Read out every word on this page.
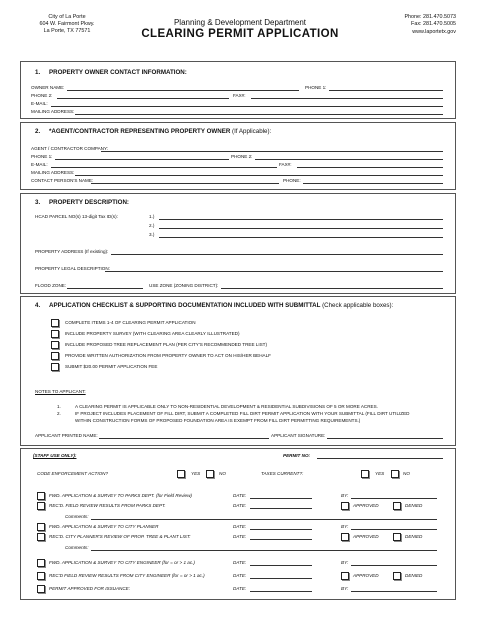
City of La Porte
604 W. Fairmont Pkwy.
La Porte, TX 77571
Planning & Development Department
CLEARING PERMIT APPLICATION
Phone: 281.470.5073
Fax: 281.470.5005
www.laportetx.gov
1. PROPERTY OWNER CONTACT INFORMATION:
OWNER NAME:	PHONE 1:
PHONE 2:	FAX#:
E-MAIL:
MAILING ADDRESS:
2. *AGENT/CONTRACTOR REPRESENTING PROPERTY OWNER (If Applicable):
AGENT / CONTRACTOR COMPANY:
PHONE 1:	PHONE 2:
E-MAIL:	FAX#:
MAILING ADDRESS:
CONTACT PERSON'S NAME:	PHONE:
3. PROPERTY DESCRIPTION:
HCAD PARCEL NO(s) 13-digit Tax ID(s):	1.)
2.)
3.)
PROPERTY ADDRESS (If existing):
PROPERTY LEGAL DESCRIPTION:
FLOOD ZONE:	USE ZONE (ZONING DISTRICT):
4. APPLICATION CHECKLIST & SUPPORTING DOCUMENTATION INCLUDED WITH SUBMITTAL (Check applicable boxes):
COMPLETE ITEMS 1-4 OF CLEARING PERMIT APPLICATION
INCLUDE PROPERTY SURVEY (WITH CLEARING AREA CLEARLY ILLUSTRATED)
INCLUDE PROPOSED TREE REPLACEMENT PLAN (PER CITY'S RECOMMENDED TREE LIST)
PROVIDE WRITTEN AUTHORIZATION FROM PROPERTY OWNER TO ACT ON HIS/HER BEHALF
SUBMIT $20.00 PERMIT APPLICATION FEE
NOTES TO APPLICANT:
1.	A CLEARING PERMIT IS APPLICABLE ONLY TO NON-RESIDENTIAL DEVELOPMENT & RESIDENTIAL SUBDIVISIONS OF 5 OR MORE ACRES.
2.	IF PROJECT INCLUDES PLACEMENT OF FILL DIRT, SUBMIT A COMPLETED FILL DIRT PERMIT APPLICATION WITH YOUR SUBMITTAL (FILL DIRT UTILIZED
WITHIN CONSTRUCTION FORMS OF PROPOSED FOUNDATION AREA IS EXEMPT FROM FILL DIRT PERMITTING REQUIREMENTS.)
APPLICANT PRINTED NAME:	APPLICANT SIGNATURE:
(STAFF USE ONLY):	PERMIT NO:
CODE ENFORCEMENT ACTION?	YES	NO	TAXES CURRENT?:	YES	NO
FWD. APPLICATION & SURVEY TO PARKS DEPT. (for Field Review)	DATE:	BY:
REC'D. FIELD REVIEW RESULTS FROM PARKS DEPT.	DATE:	APPROVED	DENIED
Comments:
FWD. APPLICATION & SURVEY TO CITY PLANNER	DATE:	BY:
REC'D. CITY PLANNER'S REVIEW OF PROP. TREE & PLANT LIST:	DATE:	APPROVED	DENIED
Comments:
FWD. APPLICATION & SURVEY TO CITY ENGINEER (for = or > 1 ac.)	DATE:	BY:
REC'D FIELD REVIEW RESULTS FROM CITY ENGINEER (for = or > 1 ac.)	DATE:	APPROVED	DENIED
PERMIT APPROVED FOR ISSUANCE:	DATE:	BY:
